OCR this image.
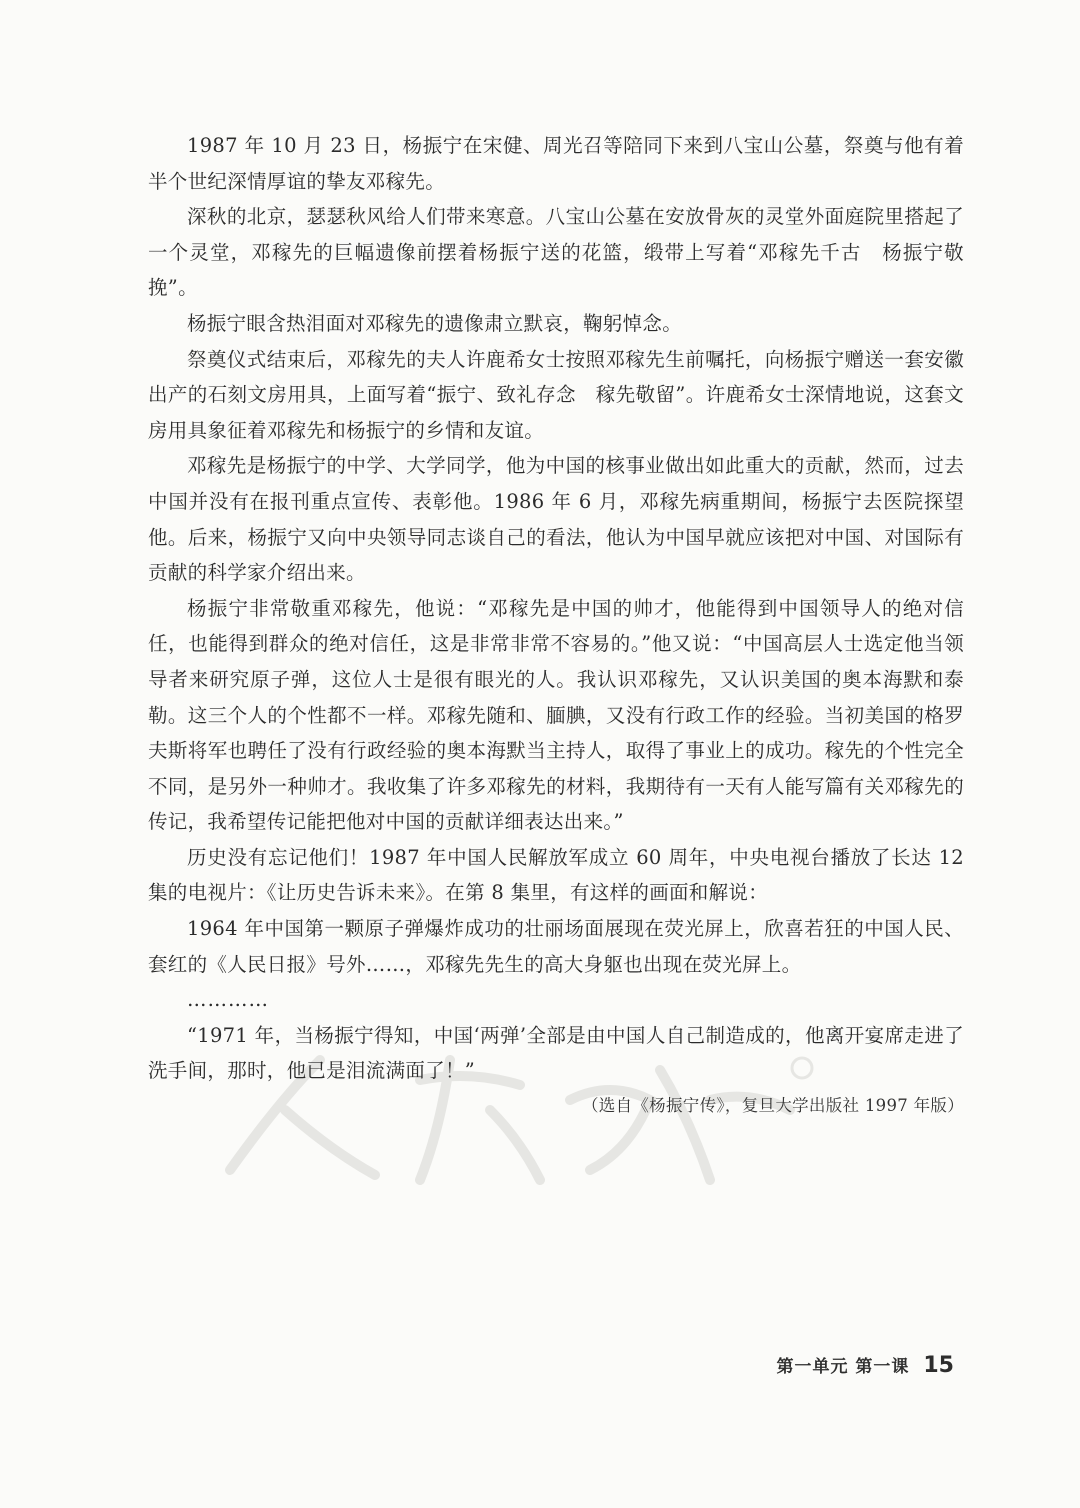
1987 年 10 月 23 日，杨振宁在宋健、周光召等陪同下来到八宝山公墓，祭奠与他有着半个世纪深情厚谊的挚友邓稼先。

深秋的北京，瑟瑟秋风给人们带来寒意。八宝山公墓在安放骨灰的灵堂外面庭院里搭起了一个灵堂，邓稼先的巨幅遗像前摆着杨振宁送的花篮，缎带上写着“邓稼先千古　杨振宁敬挽”。

杨振宁眼含热泪面对邓稼先的遗像肃立默哀，鞠躬悼念。

祭奠仪式结束后，邓稼先的夫人许鹿希女士按照邓稼先生前嘱托，向杨振宁赠送一套安徽出产的石刻文房用具，上面写着“振宁、致礼存念　稼先敬留”。许鹿希女士深情地说，这套文房用具象征着邓稼先和杨振宁的乡情和友谊。

邓稼先是杨振宁的中学、大学同学，他为中国的核事业做出如此重大的贡献，然而，过去中国并没有在报刊重点宣传、表彰他。1986 年 6 月，邓稼先病重期间，杨振宁去医院探望他。后来，杨振宁又向中央领导同志谈自己的看法，他认为中国早就应该把对中国、对国际有贡献的科学家介绍出来。

杨振宁非常敬重邓稼先，他说：“邓稼先是中国的帅才，他能得到中国领导人的绝对信任，也能得到群众的绝对信任，这是非常非常不容易的。”他又说：“中国高层人士选定他当领导者来研究原子弹，这位人士是很有眼光的人。我认识邓稼先，又认识美国的奥本海默和泰勒。这三个人的个性都不一样。邓稼先随和、腼腆，又没有行政工作的经验。当初美国的格罗夫斯将军也聘任了没有行政经验的奥本海默当主持人，取得了事业上的成功。稼先的个性完全不同，是另外一种帅才。我收集了许多邓稼先的材料，我期待有一天有人能写篇有关邓稼先的传记，我希望传记能把他对中国的贡献详细表达出来。”

历史没有忘记他们！1987 年中国人民解放军成立 60 周年，中央电视台播放了长达 12 集的电视片：《让历史告诉未来》。在第 8 集里，有这样的画面和解说：

1964 年中国第一颗原子弹爆炸成功的壮丽场面展现在荧光屏上，欣喜若狂的中国人民、套红的《人民日报》号外……，邓稼先先生的高大身躯也出现在荧光屏上。

…………

“1971 年，当杨振宁得知，中国‘两弹’全部是由中国人自己制造成的，他离开宴席走进了洗手间，那时，他已是泪流满面了！”

（选自《杨振宁传》，复旦大学出版社 1997 年版）

第一单元 第一课 15
